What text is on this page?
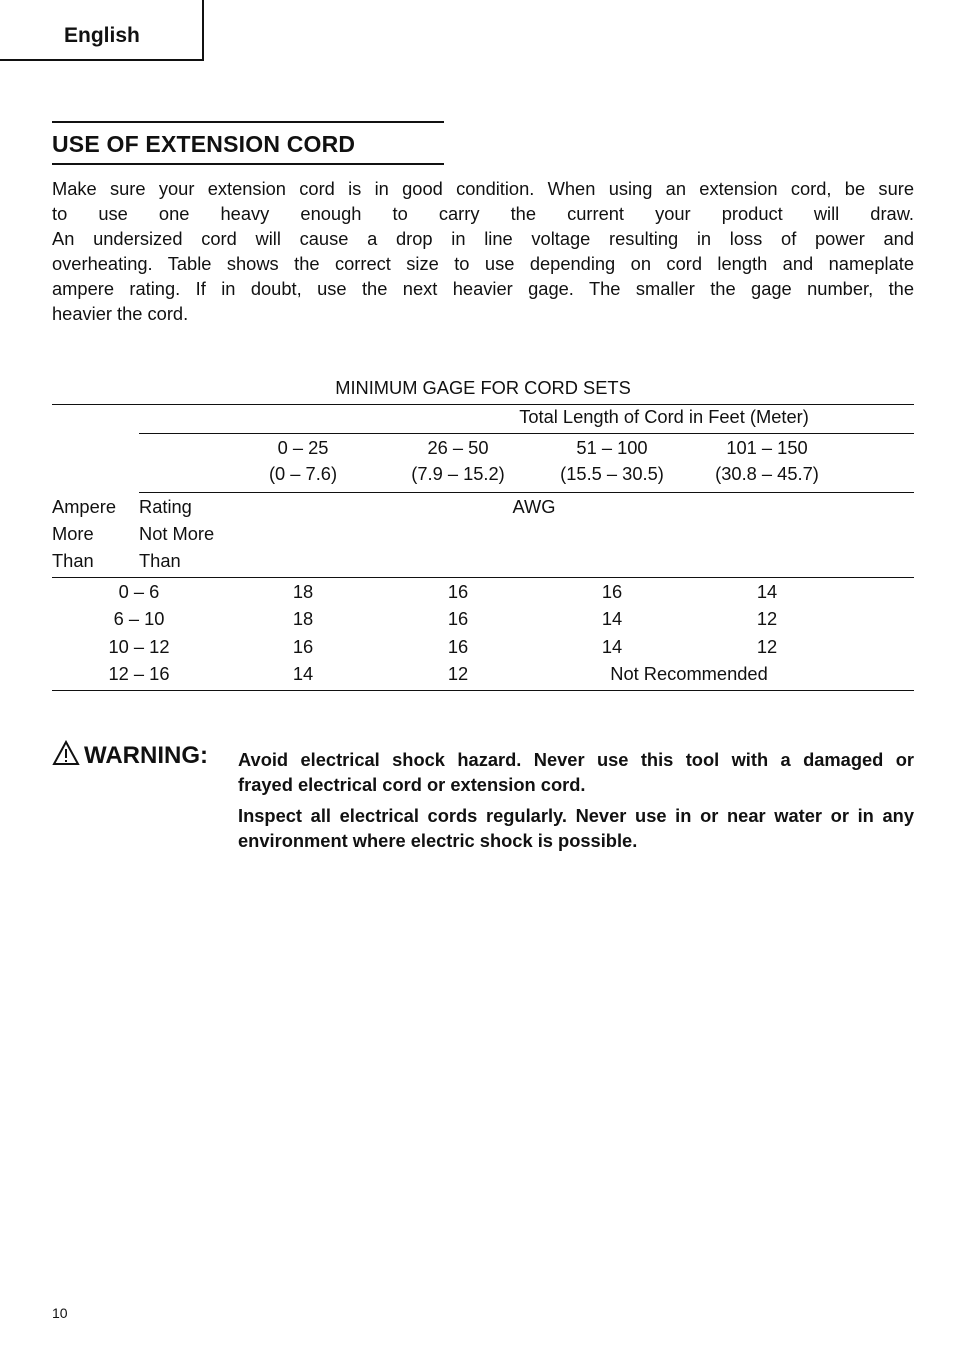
English
USE OF EXTENSION CORD

Make sure your extension cord is in good condition. When using an extension cord, be sure
to use one heavy enough to carry the current your product will draw.
An undersized cord will cause a drop in line voltage resulting in loss of power and
overheating. Table shows the correct size to use depending on cord length and nameplate
ampere rating. If in doubt, use the next heavier gage. The smaller the gage number, the
heavier the cord.

MINIMUM GAGE FOR CORD SETS
Total Length of Cord in Feet (Meter)
0 – 25	26 – 50	51 – 100	101 – 150
(0 – 7.6)	(7.9 – 15.2)	(15.5 – 30.5)	(30.8 – 45.7)
Ampere
More
Than
Rating
Not More
Than
AWG
0 – 6	18	16	16	14
6 – 10	18	16	14	12
10 – 12	16	16	14	12
12 – 16	14	12	Not Recommended
WARNING: Avoid electrical shock hazard. Never use this tool with a damaged or
frayed electrical cord or extension cord.

Inspect all electrical cords regularly. Never use in or near water or in any
environment where electric shock is possible.

10
